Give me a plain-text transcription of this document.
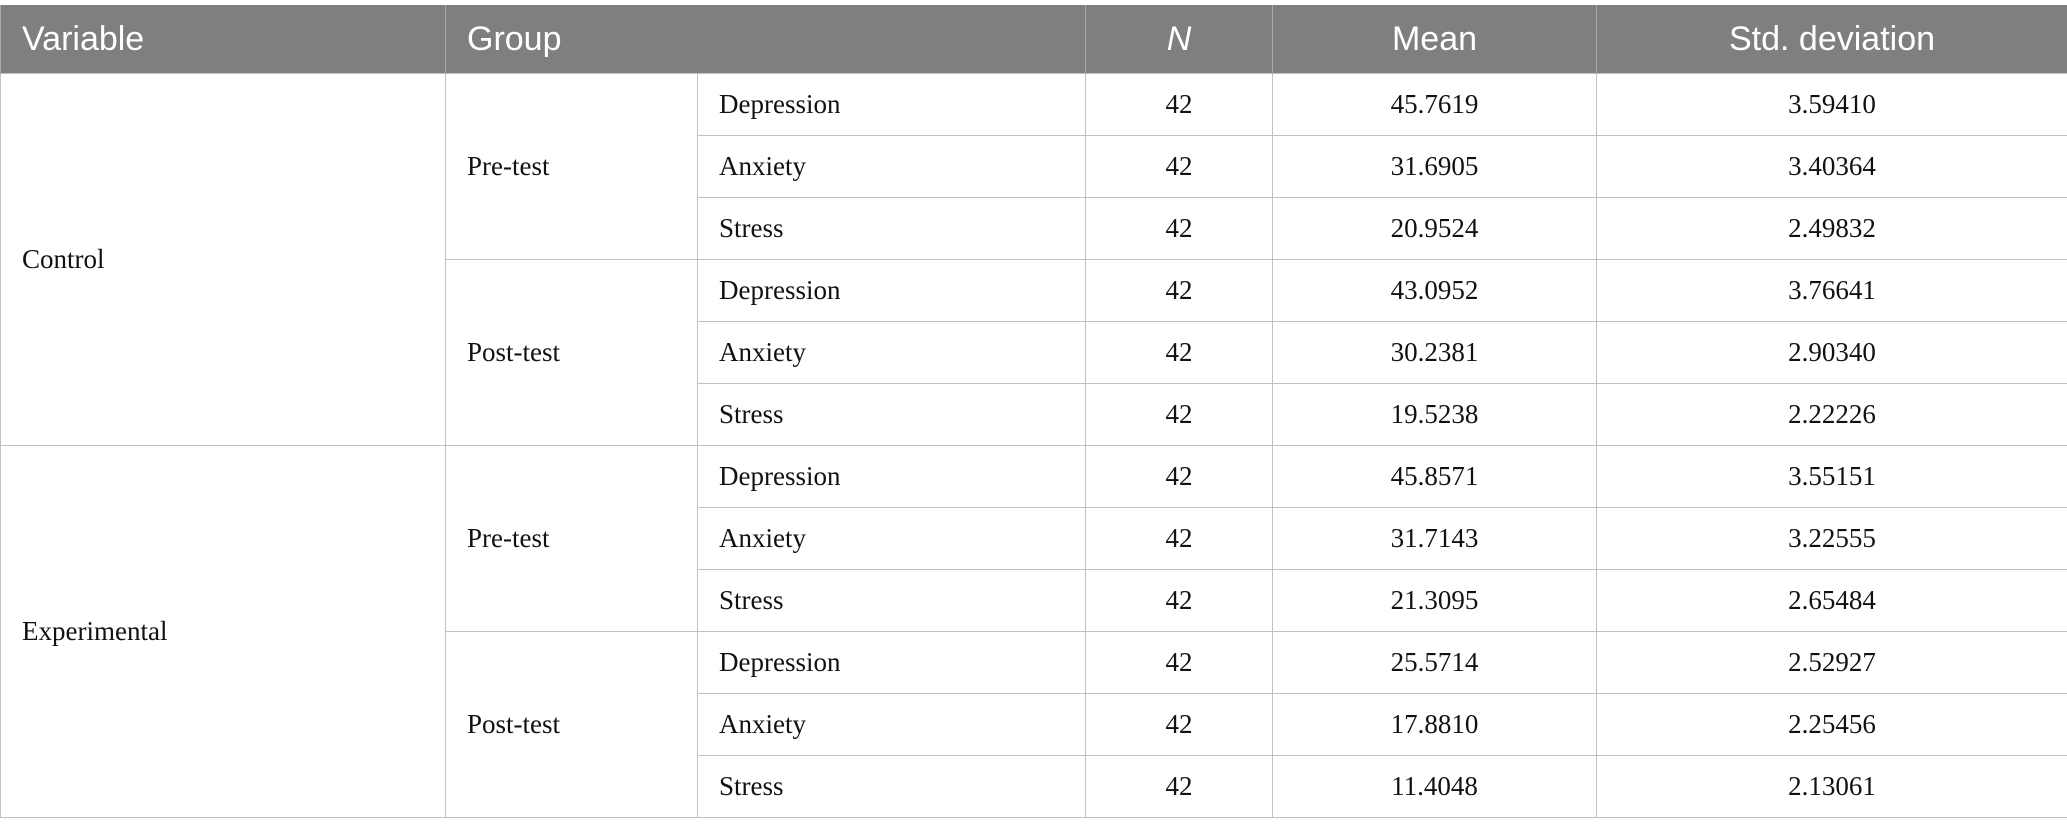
Variable	Group		N	Mean	Std. deviation
Control	Pre-test	Depression	42	45.7619	3.59410
		Anxiety	42	31.6905	3.40364
		Stress	42	20.9524	2.49832
	Post-test	Depression	42	43.0952	3.76641
		Anxiety	42	30.2381	2.90340
		Stress	42	19.5238	2.22226
Experimental	Pre-test	Depression	42	45.8571	3.55151
		Anxiety	42	31.7143	3.22555
		Stress	42	21.3095	2.65484
	Post-test	Depression	42	25.5714	2.52927
		Anxiety	42	17.8810	2.25456
		Stress	42	11.4048	2.13061
